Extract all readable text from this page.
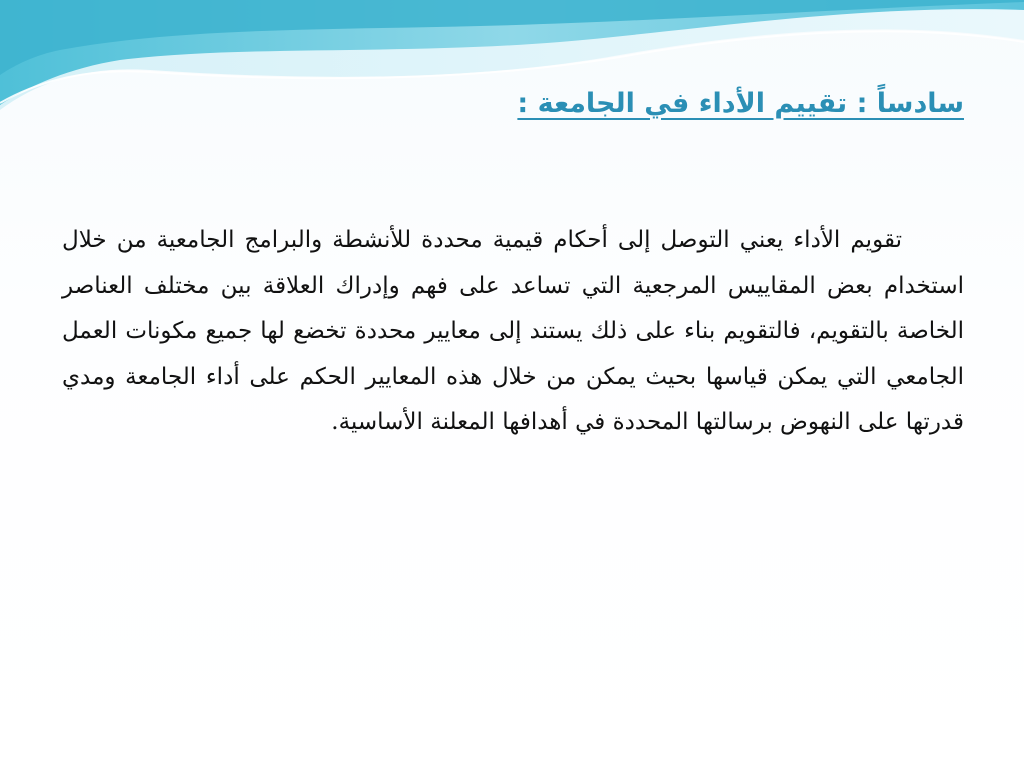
سادساً : تقييم الأداء في الجامعة :
تقويم الأداء يعني التوصل إلى أحكام قيمية محددة للأنشطة والبرامج الجامعية من خلال استخدام بعض المقاييس المرجعية التي تساعد على فهم وإدراك العلاقة بين مختلف العناصر الخاصة بالتقويم، فالتقويم بناء على ذلك يستند إلى معايير محددة تخضع لها جميع مكونات العمل الجامعي التي يمكن قياسها بحيث يمكن من خلال هذه المعايير الحكم على أداء الجامعة ومدي قدرتها على النهوض برسالتها المحددة في أهدافها المعلنة الأساسية.
